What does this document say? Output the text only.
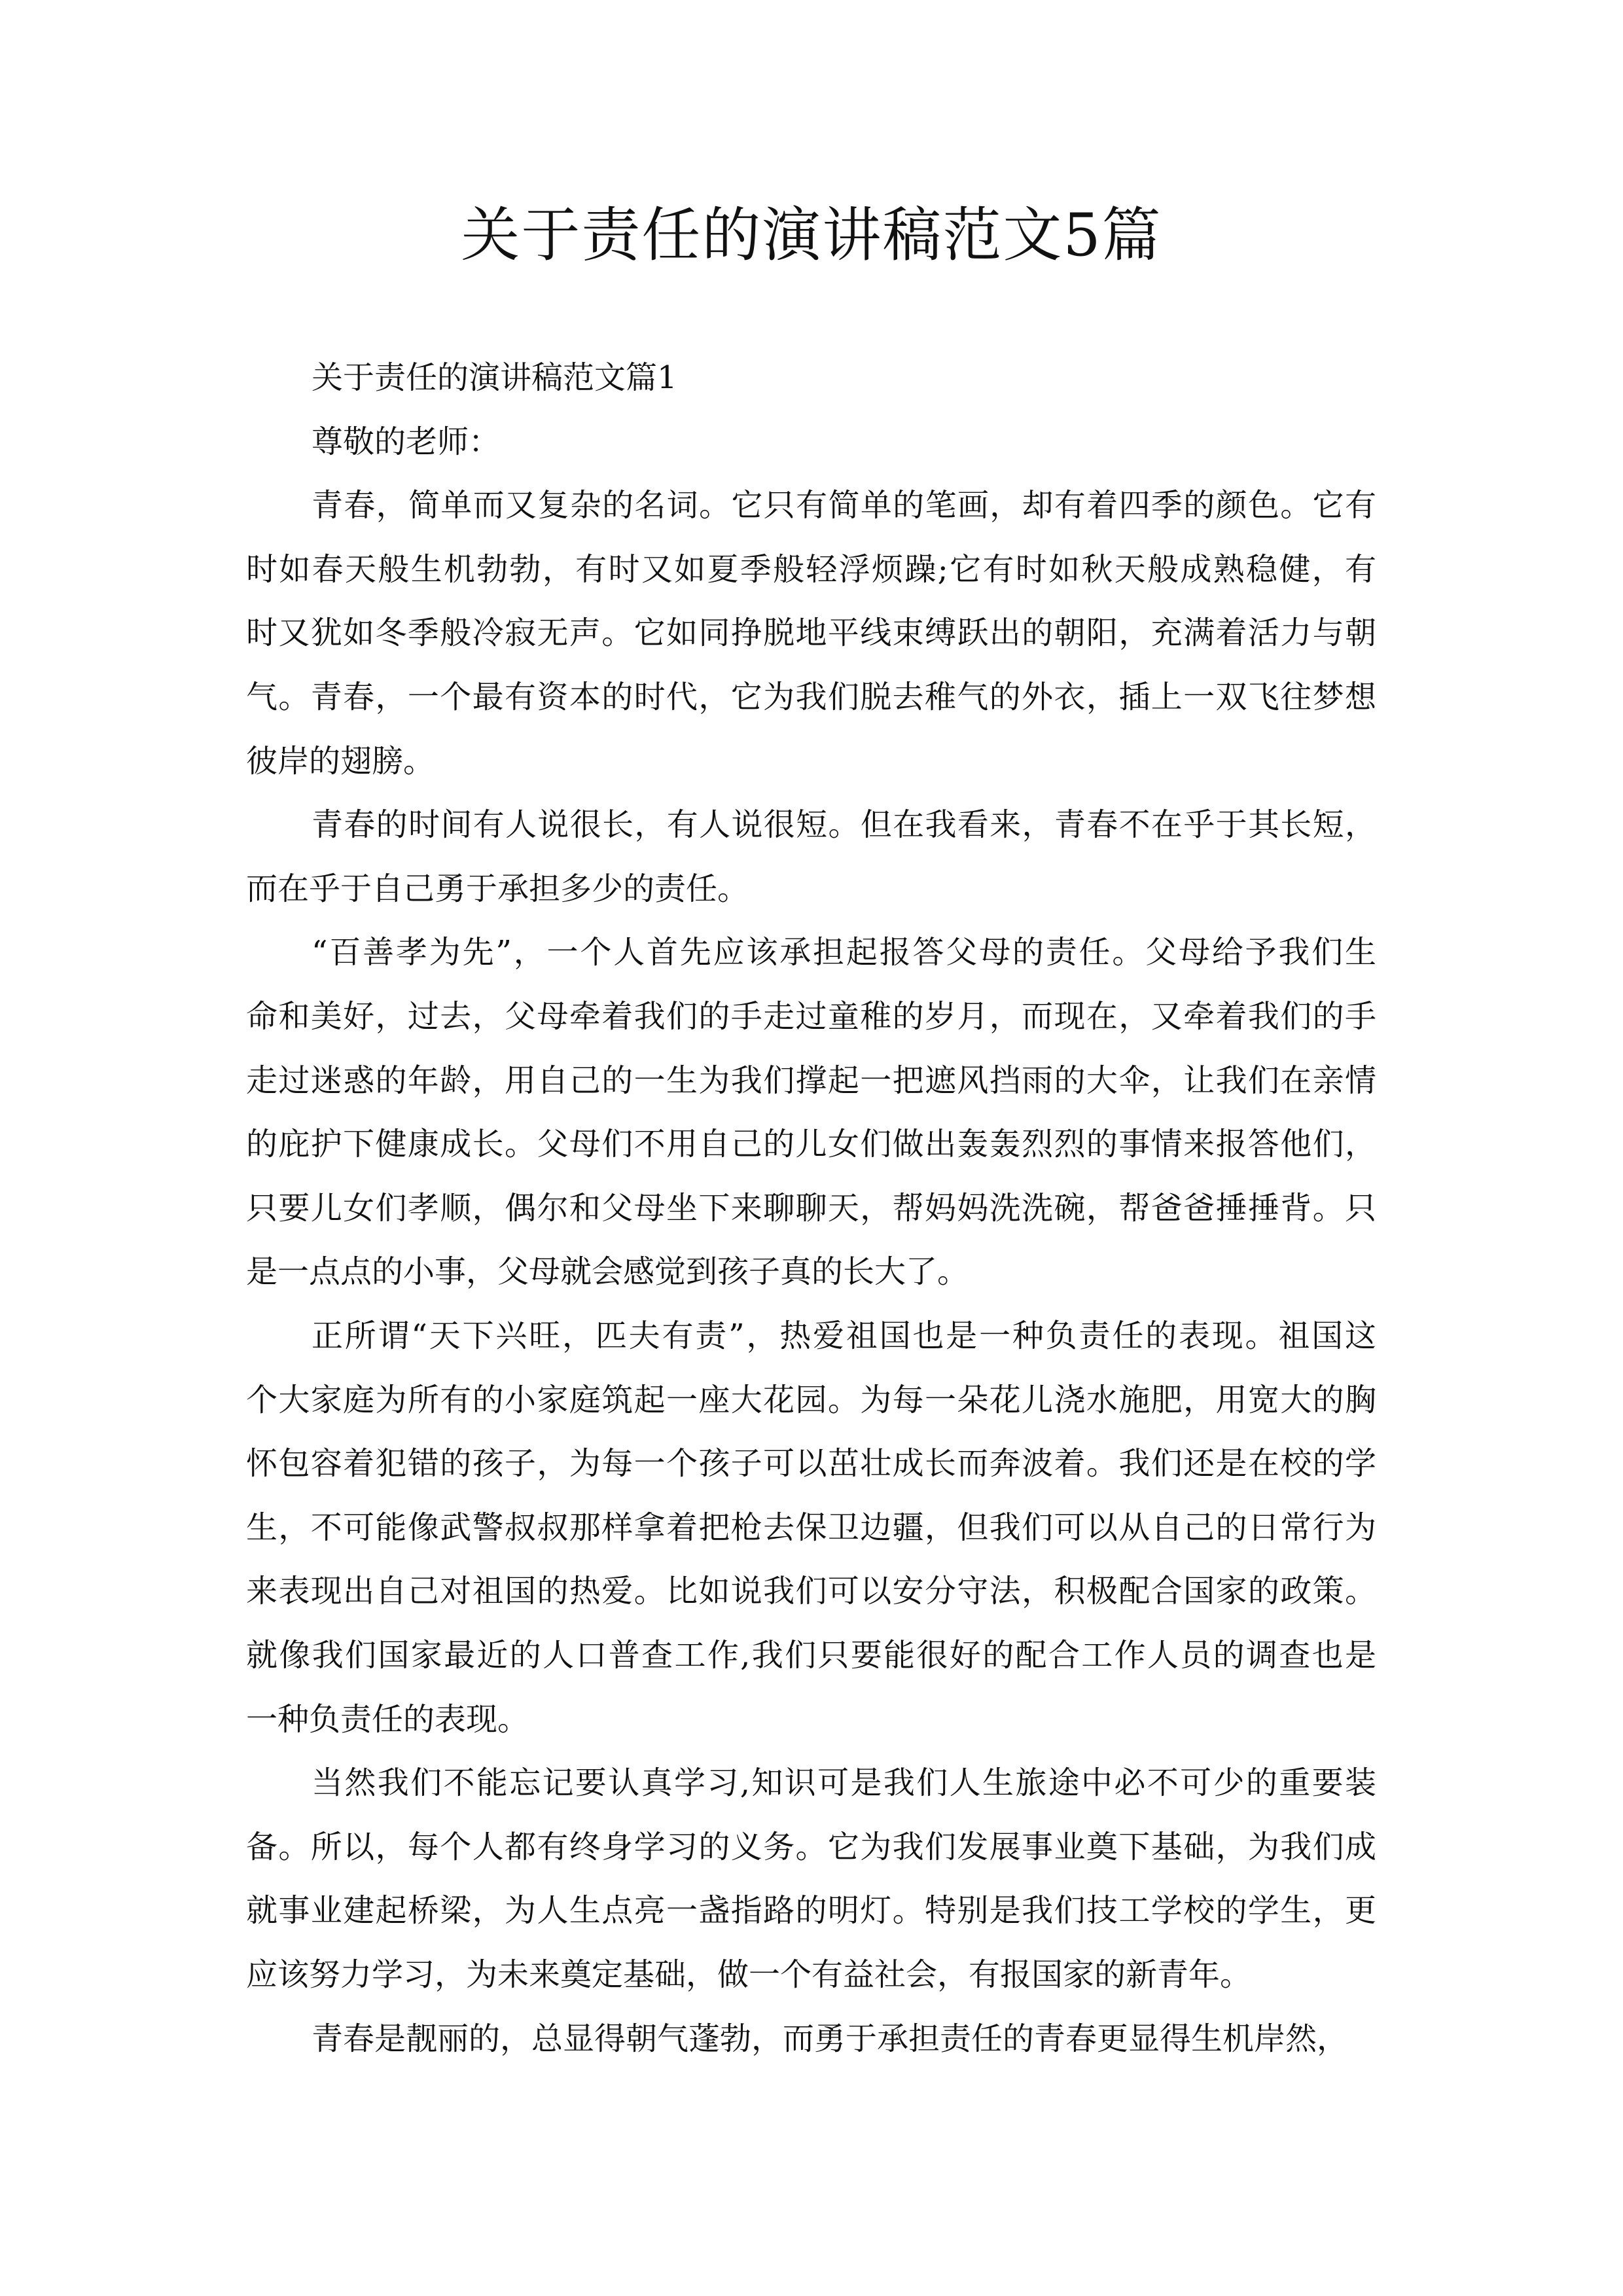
关于责任的演讲稿范文5篇
关于责任的演讲稿范文篇1
尊敬的老师：
青春，简单而又复杂的名词。它只有简单的笔画，却有着四季的颜色。它有
时如春天般生机勃勃，有时又如夏季般轻浮烦躁;它有时如秋天般成熟稳健，有
时又犹如冬季般冷寂无声。它如同挣脱地平线束缚跃出的朝阳，充满着活力与朝
气。青春，一个最有资本的时代，它为我们脱去稚气的外衣，插上一双飞往梦想
彼岸的翅膀。
青春的时间有人说很长，有人说很短。但在我看来，青春不在乎于其长短，
而在乎于自己勇于承担多少的责任。
“百善孝为先”，一个人首先应该承担起报答父母的责任。父母给予我们生
命和美好，过去，父母牵着我们的手走过童稚的岁月，而现在，又牵着我们的手
走过迷惑的年龄，用自己的一生为我们撑起一把遮风挡雨的大伞，让我们在亲情
的庇护下健康成长。父母们不用自己的儿女们做出轰轰烈烈的事情来报答他们，
只要儿女们孝顺，偶尔和父母坐下来聊聊天，帮妈妈洗洗碗，帮爸爸捶捶背。只
是一点点的小事，父母就会感觉到孩子真的长大了。
正所谓“天下兴旺，匹夫有责”，热爱祖国也是一种负责任的表现。祖国这
个大家庭为所有的小家庭筑起一座大花园。为每一朵花儿浇水施肥，用宽大的胸
怀包容着犯错的孩子，为每一个孩子可以茁壮成长而奔波着。我们还是在校的学
生，不可能像武警叔叔那样拿着把枪去保卫边疆，但我们可以从自己的日常行为
来表现出自己对祖国的热爱。比如说我们可以安分守法，积极配合国家的政策。
就像我们国家最近的人口普查工作,我们只要能很好的配合工作人员的调查也是
一种负责任的表现。
当然我们不能忘记要认真学习,知识可是我们人生旅途中必不可少的重要装
备。所以，每个人都有终身学习的义务。它为我们发展事业奠下基础，为我们成
就事业建起桥梁，为人生点亮一盏指路的明灯。特别是我们技工学校的学生，更
应该努力学习，为未来奠定基础，做一个有益社会，有报国家的新青年。
青春是靓丽的，总显得朝气蓬勃，而勇于承担责任的青春更显得生机岸然，
